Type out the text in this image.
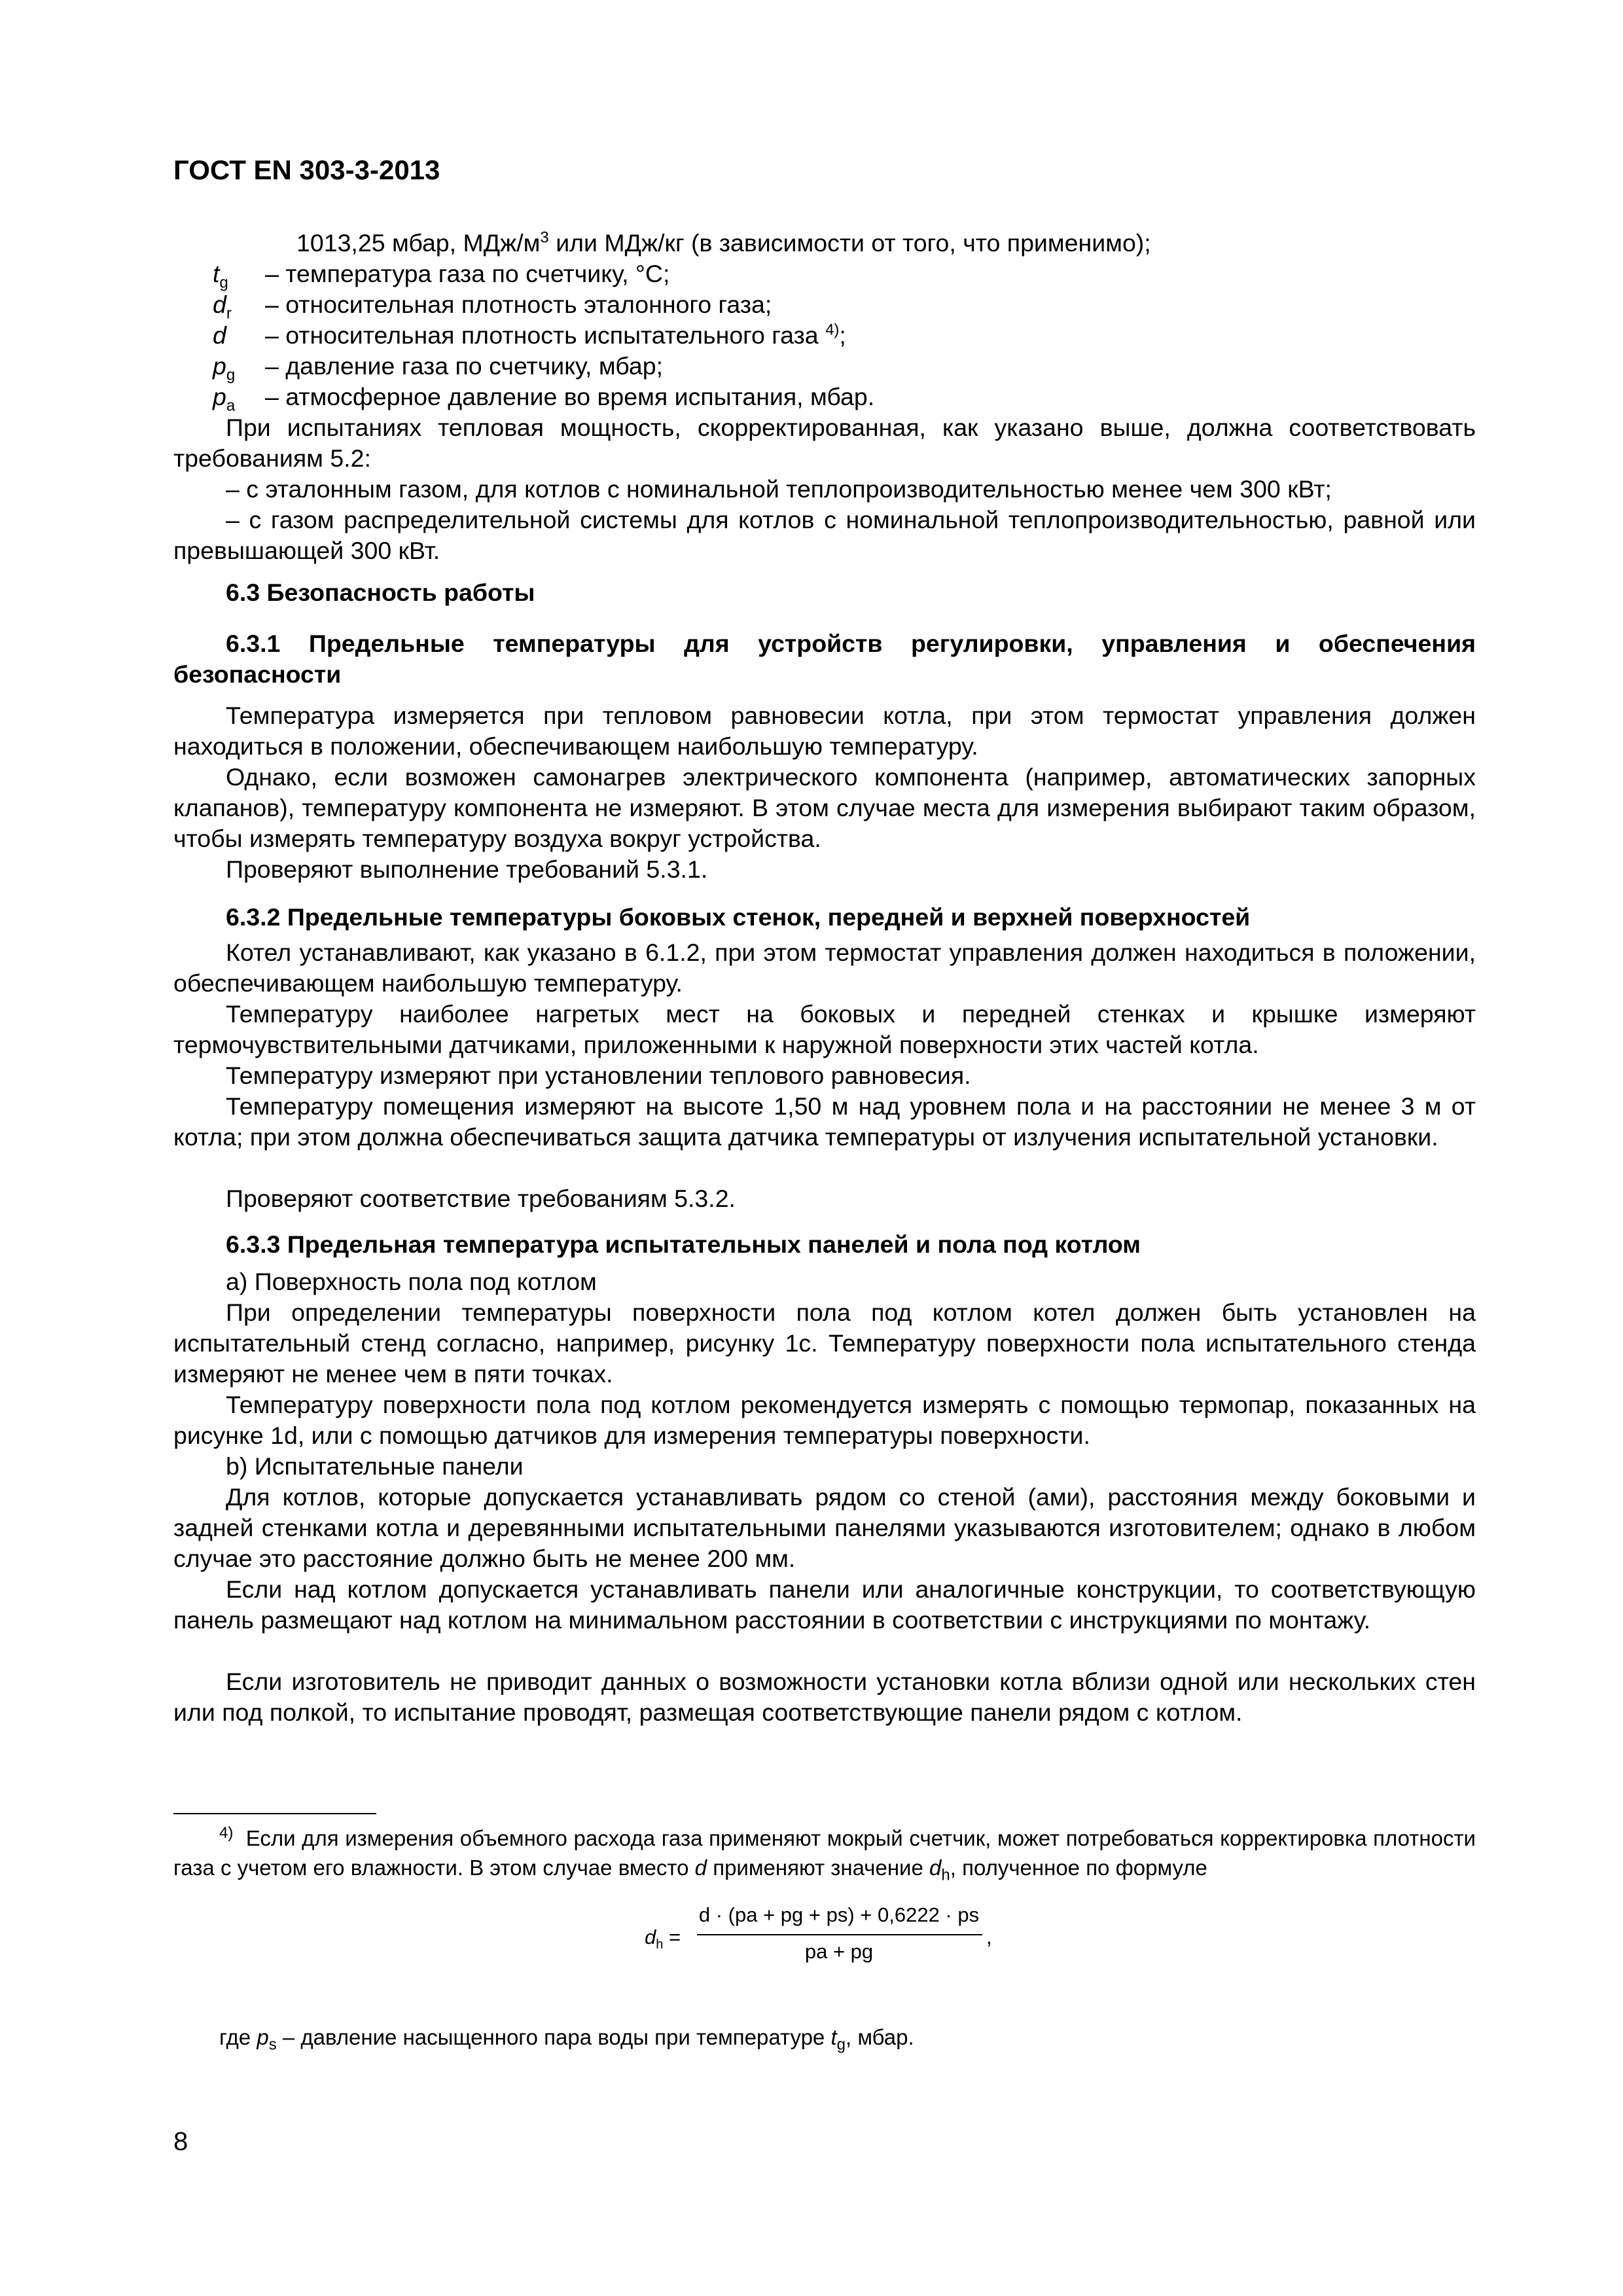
ГОСТ EN 303-3-2013
1013,25 мбар, МДж/$м^3$ или МДж/кг (в зависимости от того, что применимо);
$t_g$ – температура газа по счетчику, °C;
$d_r$ – относительная плотность эталонного газа;
d – относительная плотность испытательного газа $^{4)}$;
$p_g$ – давление газа по счетчику, мбар;
$p_a$ – атмосферное давление во время испытания, мбар.

При испытаниях тепловая мощность, скорректированная, как указано выше, должна соответствовать требованиям 5.2:

– с эталонным газом, для котлов с номинальной теплопроизводительностью менее чем 300 кВт;

– с газом распределительной системы для котлов с номинальной теплопроизводительностью, равной или превышающей 300 кВт.

6.3 Безопасность работы

6.3.1 Предельные температуры для устройств регулировки, управления и обеспечения безопасности

Температура измеряется при тепловом равновесии котла, при этом термостат управления должен находиться в положении, обеспечивающем наибольшую температуру.

Однако, если возможен самонагрев электрического компонента (например, автоматических запорных клапанов), температуру компонента не измеряют. В этом случае места для измерения выбирают таким образом, чтобы измерять температуру воздуха вокруг устройства.

Проверяют выполнение требований 5.3.1.

6.3.2 Предельные температуры боковых стенок, передней и верхней поверхностей

Котел устанавливают, как указано в 6.1.2, при этом термостат управления должен находиться в положении, обеспечивающем наибольшую температуру.

Температуру наиболее нагретых мест на боковых и передней стенках и крышке измеряют термочувствительными датчиками, приложенными к наружной поверхности этих частей котла.

Температуру измеряют при установлении теплового равновесия.

Температуру помещения измеряют на высоте 1,50 м над уровнем пола и на расстоянии не менее 3 м от котла; при этом должна обеспечиваться защита датчика температуры от излучения испытательной установки.

Проверяют соответствие требованиям 5.3.2.

6.3.3 Предельная температура испытательных панелей и пола под котлом

a) Поверхность пола под котлом

При определении температуры поверхности пола под котлом котел должен быть установлен на испытательный стенд согласно, например, рисунку 1c. Температуру поверхности пола испытательного стенда измеряют не менее чем в пяти точках.

Температуру поверхности пола под котлом рекомендуется измерять с помощью термопар, показанных на рисунке 1d, или с помощью датчиков для измерения температуры поверхности.

b) Испытательные панели

Для котлов, которые допускается устанавливать рядом со стеной (ами), расстояния между боковыми и задней стенками котла и деревянными испытательными панелями указываются изготовителем; однако в любом случае это расстояние должно быть не менее 200 мм.

Если над котлом допускается устанавливать панели или аналогичные конструкции, то соответствующую панель размещают над котлом на минимальном расстоянии в соответствии с инструкциями по монтажу.

Если изготовитель не приводит данных о возможности установки котла вблизи одной или нескольких стен или под полкой, то испытание проводят, размещая соответствующие панели рядом с котлом.

$^{4)}$ Если для измерения объемного расхода газа применяют мокрый счетчик, может потребоваться корректировка плотности газа с учетом его влажности. В этом случае вместо d применяют значение $d_h$, полученное по формуле

$d_h$ =
d · (pa + pg + ps) + 0,6222 · ps
pa + pg
,

где $p_s$ – давление насыщенного пара воды при температуре $t_g$, мбар.

8
